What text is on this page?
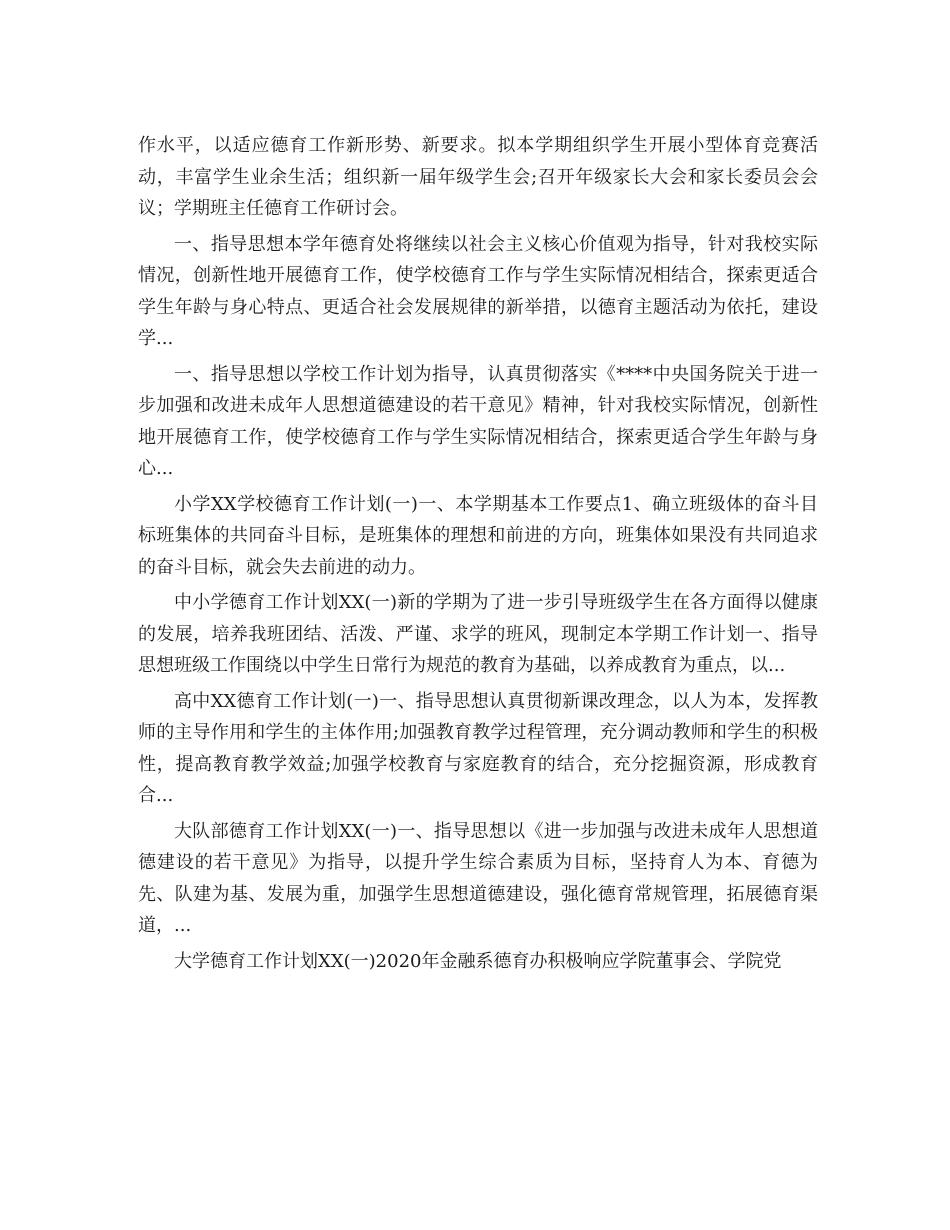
作水平，以适应德育工作新形势、新要求。拟本学期组织学生开展小型体育竞赛活动，丰富学生业余生活；组织新一届年级学生会;召开年级家长大会和家长委员会会议；学期班主任德育工作研讨会。

一、指导思想本学年德育处将继续以社会主义核心价值观为指导，针对我校实际情况，创新性地开展德育工作，使学校德育工作与学生实际情况相结合，探索更适合学生年龄与身心特点、更适合社会发展规律的新举措，以德育主题活动为依托，建设学...

一、指导思想以学校工作计划为指导，认真贯彻落实《****中央国务院关于进一步加强和改进未成年人思想道德建设的若干意见》精神，针对我校实际情况，创新性地开展德育工作，使学校德育工作与学生实际情况相结合，探索更适合学生年龄与身心...

小学XX学校德育工作计划(一)一、本学期基本工作要点1、确立班级体的奋斗目标班集体的共同奋斗目标，是班集体的理想和前进的方向，班集体如果没有共同追求的奋斗目标，就会失去前进的动力。

中小学德育工作计划XX(一)新的学期为了进一步引导班级学生在各方面得以健康的发展，培养我班团结、活泼、严谨、求学的班风，现制定本学期工作计划一、指导思想班级工作围绕以中学生日常行为规范的教育为基础，以养成教育为重点，以...

高中XX德育工作计划(一)一、指导思想认真贯彻新课改理念，以人为本，发挥教师的主导作用和学生的主体作用;加强教育教学过程管理，充分调动教师和学生的积极性，提高教育教学效益;加强学校教育与家庭教育的结合，充分挖掘资源，形成教育合...

大队部德育工作计划XX(一)一、指导思想以《进一步加强与改进未成年人思想道德建设的若干意见》为指导，以提升学生综合素质为目标，坚持育人为本、育德为先、队建为基、发展为重，加强学生思想道德建设，强化德育常规管理，拓展德育渠道，...

大学德育工作计划XX(一)2020年金融系德育办积极响应学院董事会、学院党
